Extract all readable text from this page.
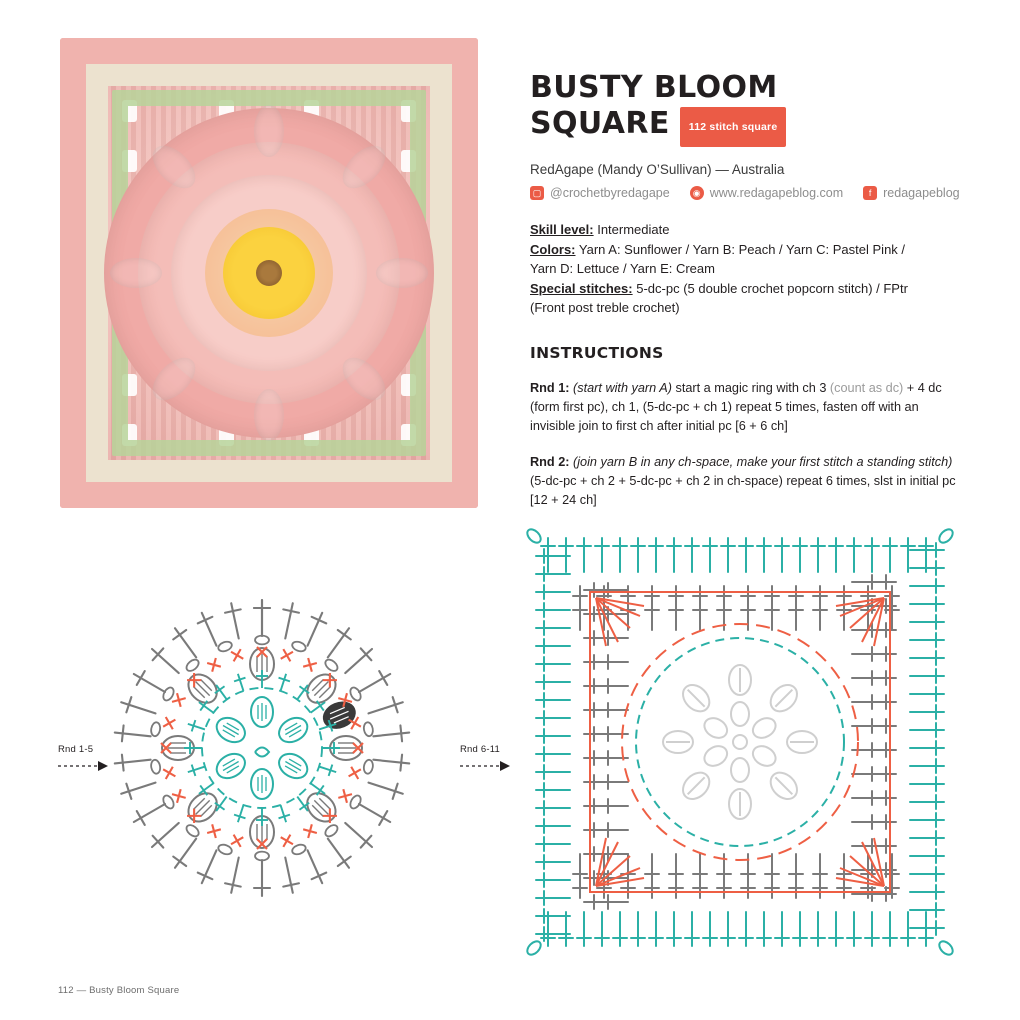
BUSTY BLOOM
SQUARE	112 stitch square
RedAgape (Mandy O’Sullivan) — Australia
▢ @crochetbyredagape	◉ www.redagapeblog.com	f redagapeblog
Skill level: Intermediate
Colors: Yarn A: Sunflower / Yarn B: Peach / Yarn C: Pastel Pink /
Yarn D: Lettuce / Yarn E: Cream
Special stitches: 5-dc-pc (5 double crochet popcorn stitch) / FPtr
(Front post treble crochet)
INSTRUCTIONS
Rnd 1: (start with yarn A) start a magic ring with ch 3 (count as dc) + 4 dc (form first pc), ch 1, (5-dc-pc + ch 1) repeat 5 times, fasten off with an invisible join to first ch after initial pc [6 + 6 ch]
Rnd 2: (join yarn B in any ch-space, make your first stitch a standing stitch) (5-dc-pc + ch 2 + 5-dc-pc + ch 2 in ch-space) repeat 6 times, slst in initial pc [12 + 24 ch]
Rnd 1-5	Rnd 6-11
112 — Busty Bloom Square
